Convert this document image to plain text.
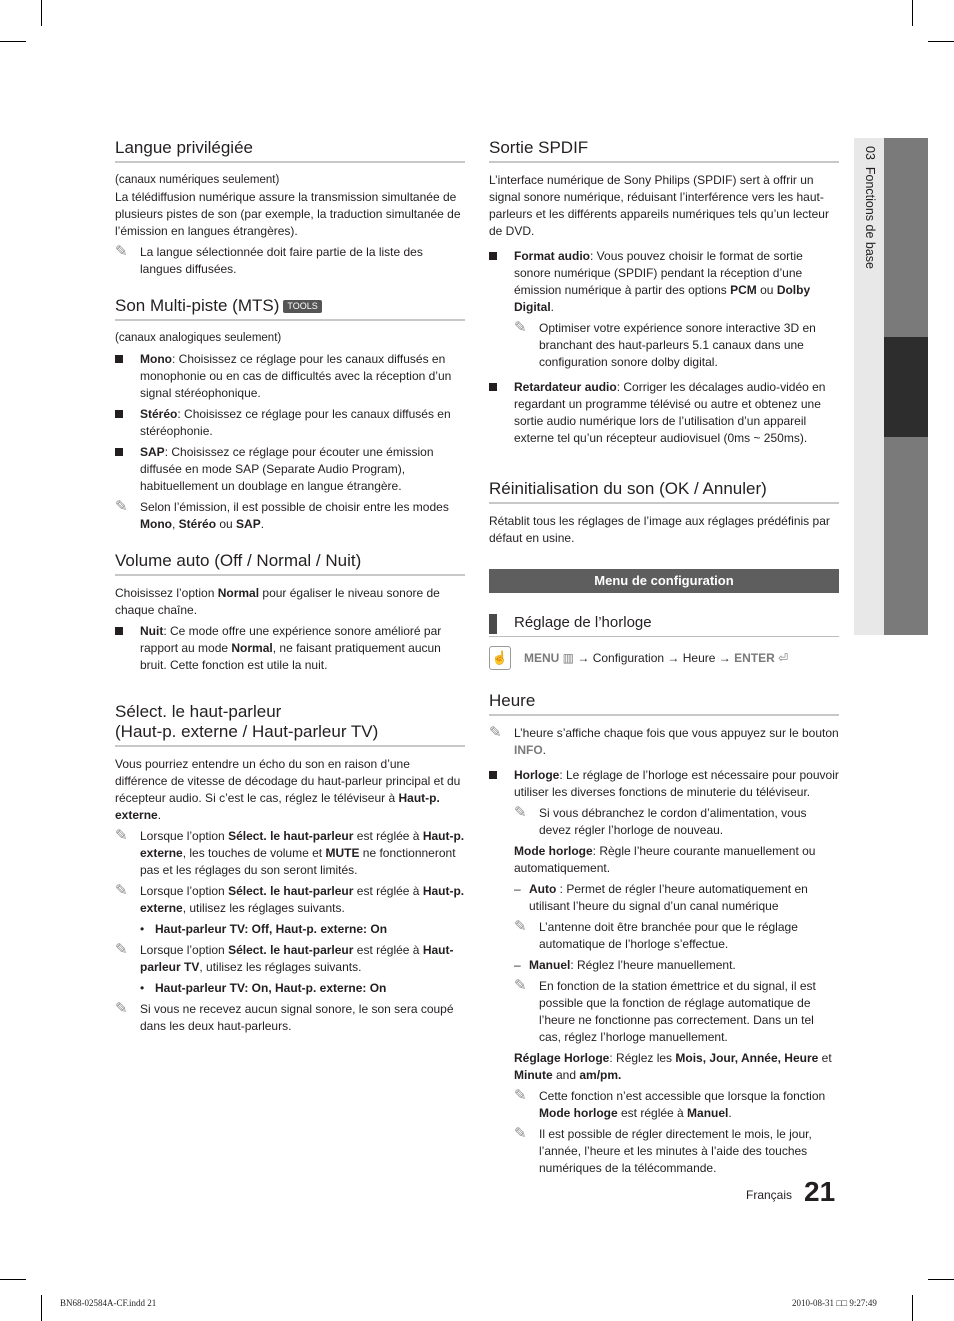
03  Fonctions de base
Langue privilégiée

(canaux numériques seulement)

La télédiffusion numérique assure la transmission simultanée de plusieurs pistes de son (par exemple, la traduction simultanée de l’émission en langues étrangères).

✎ La langue sélectionnée doit faire partie de la liste des langues diffusées.
Son Multi-piste (MTS) TOOLS

(canaux analogiques seulement)

Mono: Choisissez ce réglage pour les canaux diffusés en monophonie ou en cas de difficultés avec la réception d’un signal stéréophonique.
Stéréo: Choisissez ce réglage pour les canaux diffusés en stéréophonie.
SAP: Choisissez ce réglage pour écouter une émission diffusée en mode SAP (Separate Audio Program), habituellement un doublage en langue étrangère.
✎ Selon l’émission, il est possible de choisir entre les modes Mono, Stéréo ou SAP.
Volume auto (Off / Normal / Nuit)

Choisissez l’option Normal pour égaliser le niveau sonore de chaque chaîne.

Nuit: Ce mode offre une expérience sonore amélioré par rapport au mode Normal, ne faisant pratiquement aucun bruit. Cette fonction est utile la nuit.
Sélect. le haut-parleur
(Haut-p. externe / Haut-parleur TV)

Vous pourriez entendre un écho du son en raison d’une différence de vitesse de décodage du haut-parleur principal et du récepteur audio. Si c’est le cas, réglez le téléviseur à Haut-p. externe.

✎ Lorsque l’option Sélect. le haut-parleur est réglée à Haut-p. externe, les touches de volume et MUTE ne fonctionneront pas et les réglages du son seront limités.
✎ Lorsque l’option Sélect. le haut-parleur est réglée à Haut-p. externe, utilisez les réglages suivants.
• Haut-parleur TV: Off, Haut-p. externe: On
✎ Lorsque l’option Sélect. le haut-parleur est réglée à Haut-parleur TV, utilisez les réglages suivants.
• Haut-parleur TV: On, Haut-p. externe: On
✎ Si vous ne recevez aucun signal sonore, le son sera coupé dans les deux haut-parleurs.
Sortie SPDIF

L’interface numérique de Sony Philips (SPDIF) sert à offrir un signal sonore numérique, réduisant l’interférence vers les haut-parleurs et les différents appareils numériques tels qu’un lecteur de DVD.

Format audio: Vous pouvez choisir le format de sortie sonore numérique (SPDIF) pendant la réception d’une émission numérique à partir des options PCM ou Dolby Digital.
✎ Optimiser votre expérience sonore interactive 3D en branchant des haut-parleurs 5.1 canaux dans une configuration sonore dolby digital.
Retardateur audio: Corriger les décalages audio-vidéo en regardant un programme télévisé ou autre et obtenez une sortie audio numérique lors de l’utilisation d’un appareil externe tel qu’un récepteur audiovisuel (0ms ~ 250ms).
Réinitialisation du son (OK / Annuler)

Rétablit tous les réglages de l’image aux réglages prédéfinis par défaut en usine.

Menu de configuration
Réglage de l’horloge
☝ MENU ▥ → Configuration → Heure → ENTER ⏎
Heure
✎ L’heure s’affiche chaque fois que vous appuyez sur le bouton INFO.
Horloge: Le réglage de l’horloge est nécessaire pour pouvoir utiliser les diverses fonctions de minuterie du téléviseur.
✎ Si vous débranchez le cordon d’alimentation, vous devez régler l’horloge de nouveau.

Mode horloge: Règle l’heure courante manuellement ou automatiquement.

– Auto : Permet de régler l’heure automatiquement en utilisant l’heure du signal d’un canal numérique
✎ L’antenne doit être branchée pour que le réglage automatique de l’horloge s’effectue.
– Manuel: Réglez l’heure manuellement.
✎ En fonction de la station émettrice et du signal, il est possible que la fonction de réglage automatique de l’heure ne fonctionne pas correctement. Dans un tel cas, réglez l’horloge manuellement.

Réglage Horloge: Réglez les Mois, Jour, Année, Heure et Minute and am/pm.

✎ Cette fonction n’est accessible que lorsque la fonction Mode horloge est réglée à Manuel.
✎ Il est possible de régler directement le mois, le jour, l’année, l’heure et les minutes à l’aide des touches numériques de la télécommande.
Français 21
BN68-02584A-CF.indd 21	2010-08-31 □□ 9:27:49
